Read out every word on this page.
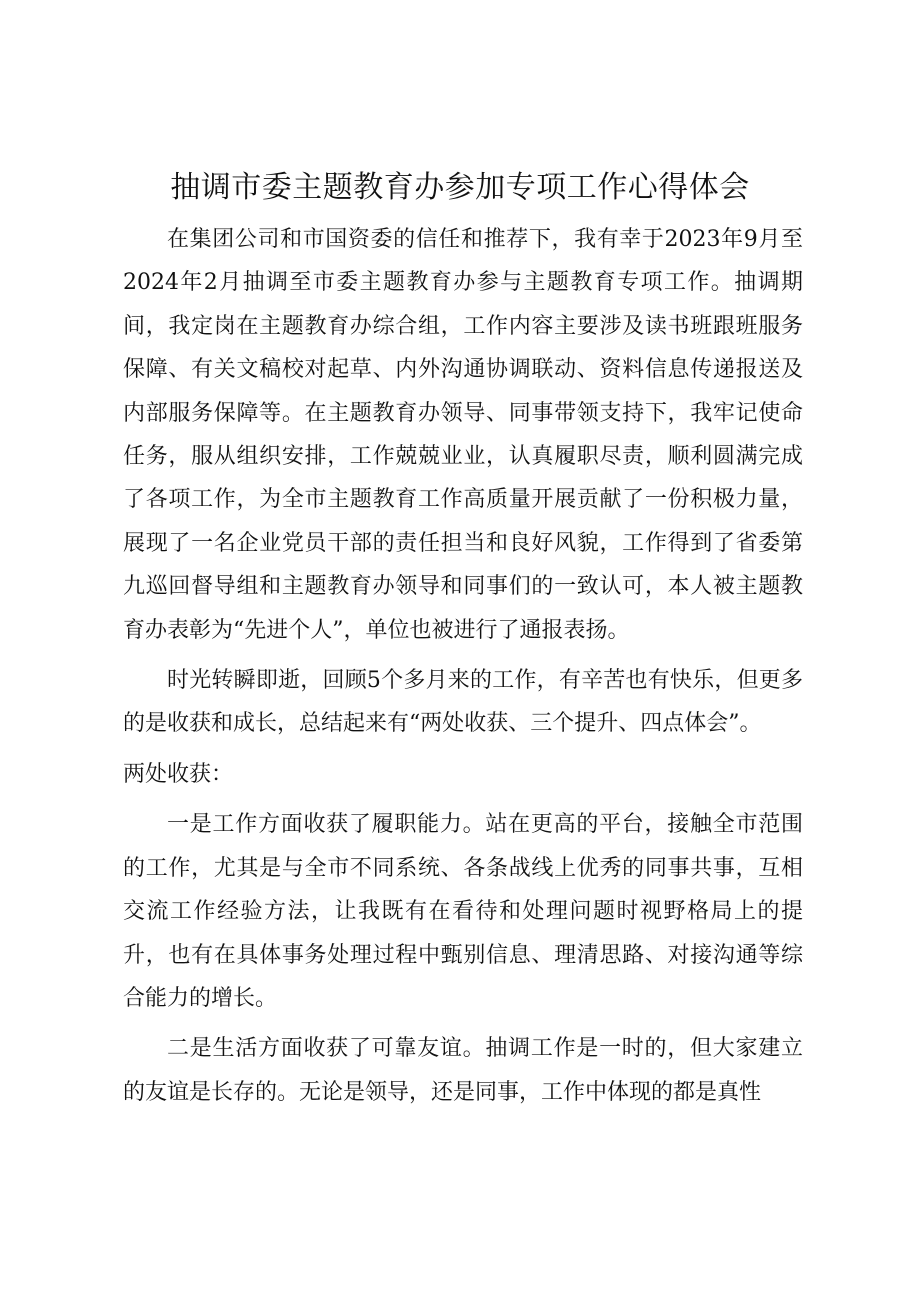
抽调市委主题教育办参加专项工作心得体会

在集团公司和市国资委的信任和推荐下，我有幸于2023年9月至2024年2月抽调至市委主题教育办参与主题教育专项工作。抽调期间，我定岗在主题教育办综合组，工作内容主要涉及读书班跟班服务保障、有关文稿校对起草、内外沟通协调联动、资料信息传递报送及内部服务保障等。在主题教育办领导、同事带领支持下，我牢记使命任务，服从组织安排，工作兢兢业业，认真履职尽责，顺利圆满完成了各项工作，为全市主题教育工作高质量开展贡献了一份积极力量，展现了一名企业党员干部的责任担当和良好风貌，工作得到了省委第九巡回督导组和主题教育办领导和同事们的一致认可，本人被主题教育办表彰为“先进个人”，单位也被进行了通报表扬。

时光转瞬即逝，回顾5个多月来的工作，有辛苦也有快乐，但更多的是收获和成长，总结起来有“两处收获、三个提升、四点体会”。

两处收获：

一是工作方面收获了履职能力。站在更高的平台，接触全市范围的工作，尤其是与全市不同系统、各条战线上优秀的同事共事，互相交流工作经验方法，让我既有在看待和处理问题时视野格局上的提升，也有在具体事务处理过程中甄别信息、理清思路、对接沟通等综合能力的增长。

二是生活方面收获了可靠友谊。抽调工作是一时的，但大家建立的友谊是长存的。无论是领导，还是同事，工作中体现的都是真性
